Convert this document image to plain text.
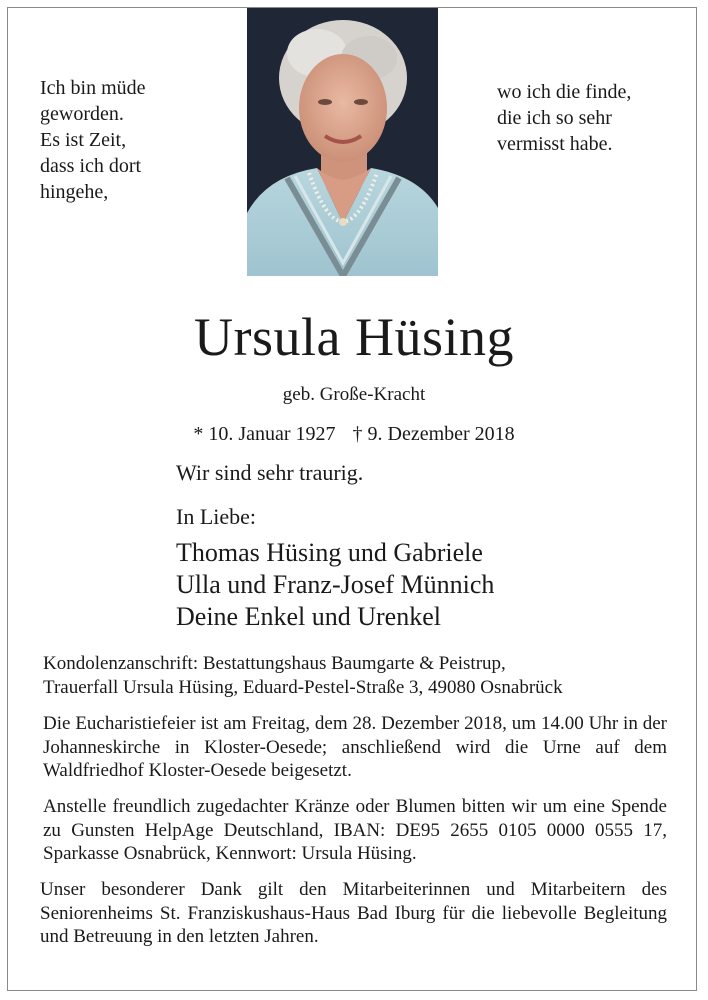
Ich bin müde
geworden.
Es ist Zeit,
dass ich dort
hingehe,
wo ich die finde,
die ich so sehr
vermisst habe.
Ursula Hüsing
geb. Große-Kracht
* 10. Januar 1927 † 9. Dezember 2018
Wir sind sehr traurig.
In Liebe:
Thomas Hüsing und Gabriele
Ulla und Franz-Josef Münnich
Deine Enkel und Urenkel
Kondolenzanschrift: Bestattungshaus Baumgarte & Peistrup,
Trauerfall Ursula Hüsing, Eduard-Pestel-Straße 3, 49080 Osnabrück
Die Eucharistiefeier ist am Freitag, dem 28. Dezember 2018, um 14.00 Uhr in der Johanneskirche in Kloster-Oesede; anschließend wird die Urne auf dem Waldfriedhof Kloster-Oesede beigesetzt.
Anstelle freundlich zugedachter Kränze oder Blumen bitten wir um eine Spende zu Gunsten HelpAge Deutschland, IBAN: DE95 2655 0105 0000 0555 17, Sparkasse Osnabrück, Kennwort: Ursula Hüsing.
Unser besonderer Dank gilt den Mitarbeiterinnen und Mitarbeitern des Seniorenheims St. Franziskushaus-Haus Bad Iburg für die liebevolle Begleitung und Betreuung in den letzten Jahren.
